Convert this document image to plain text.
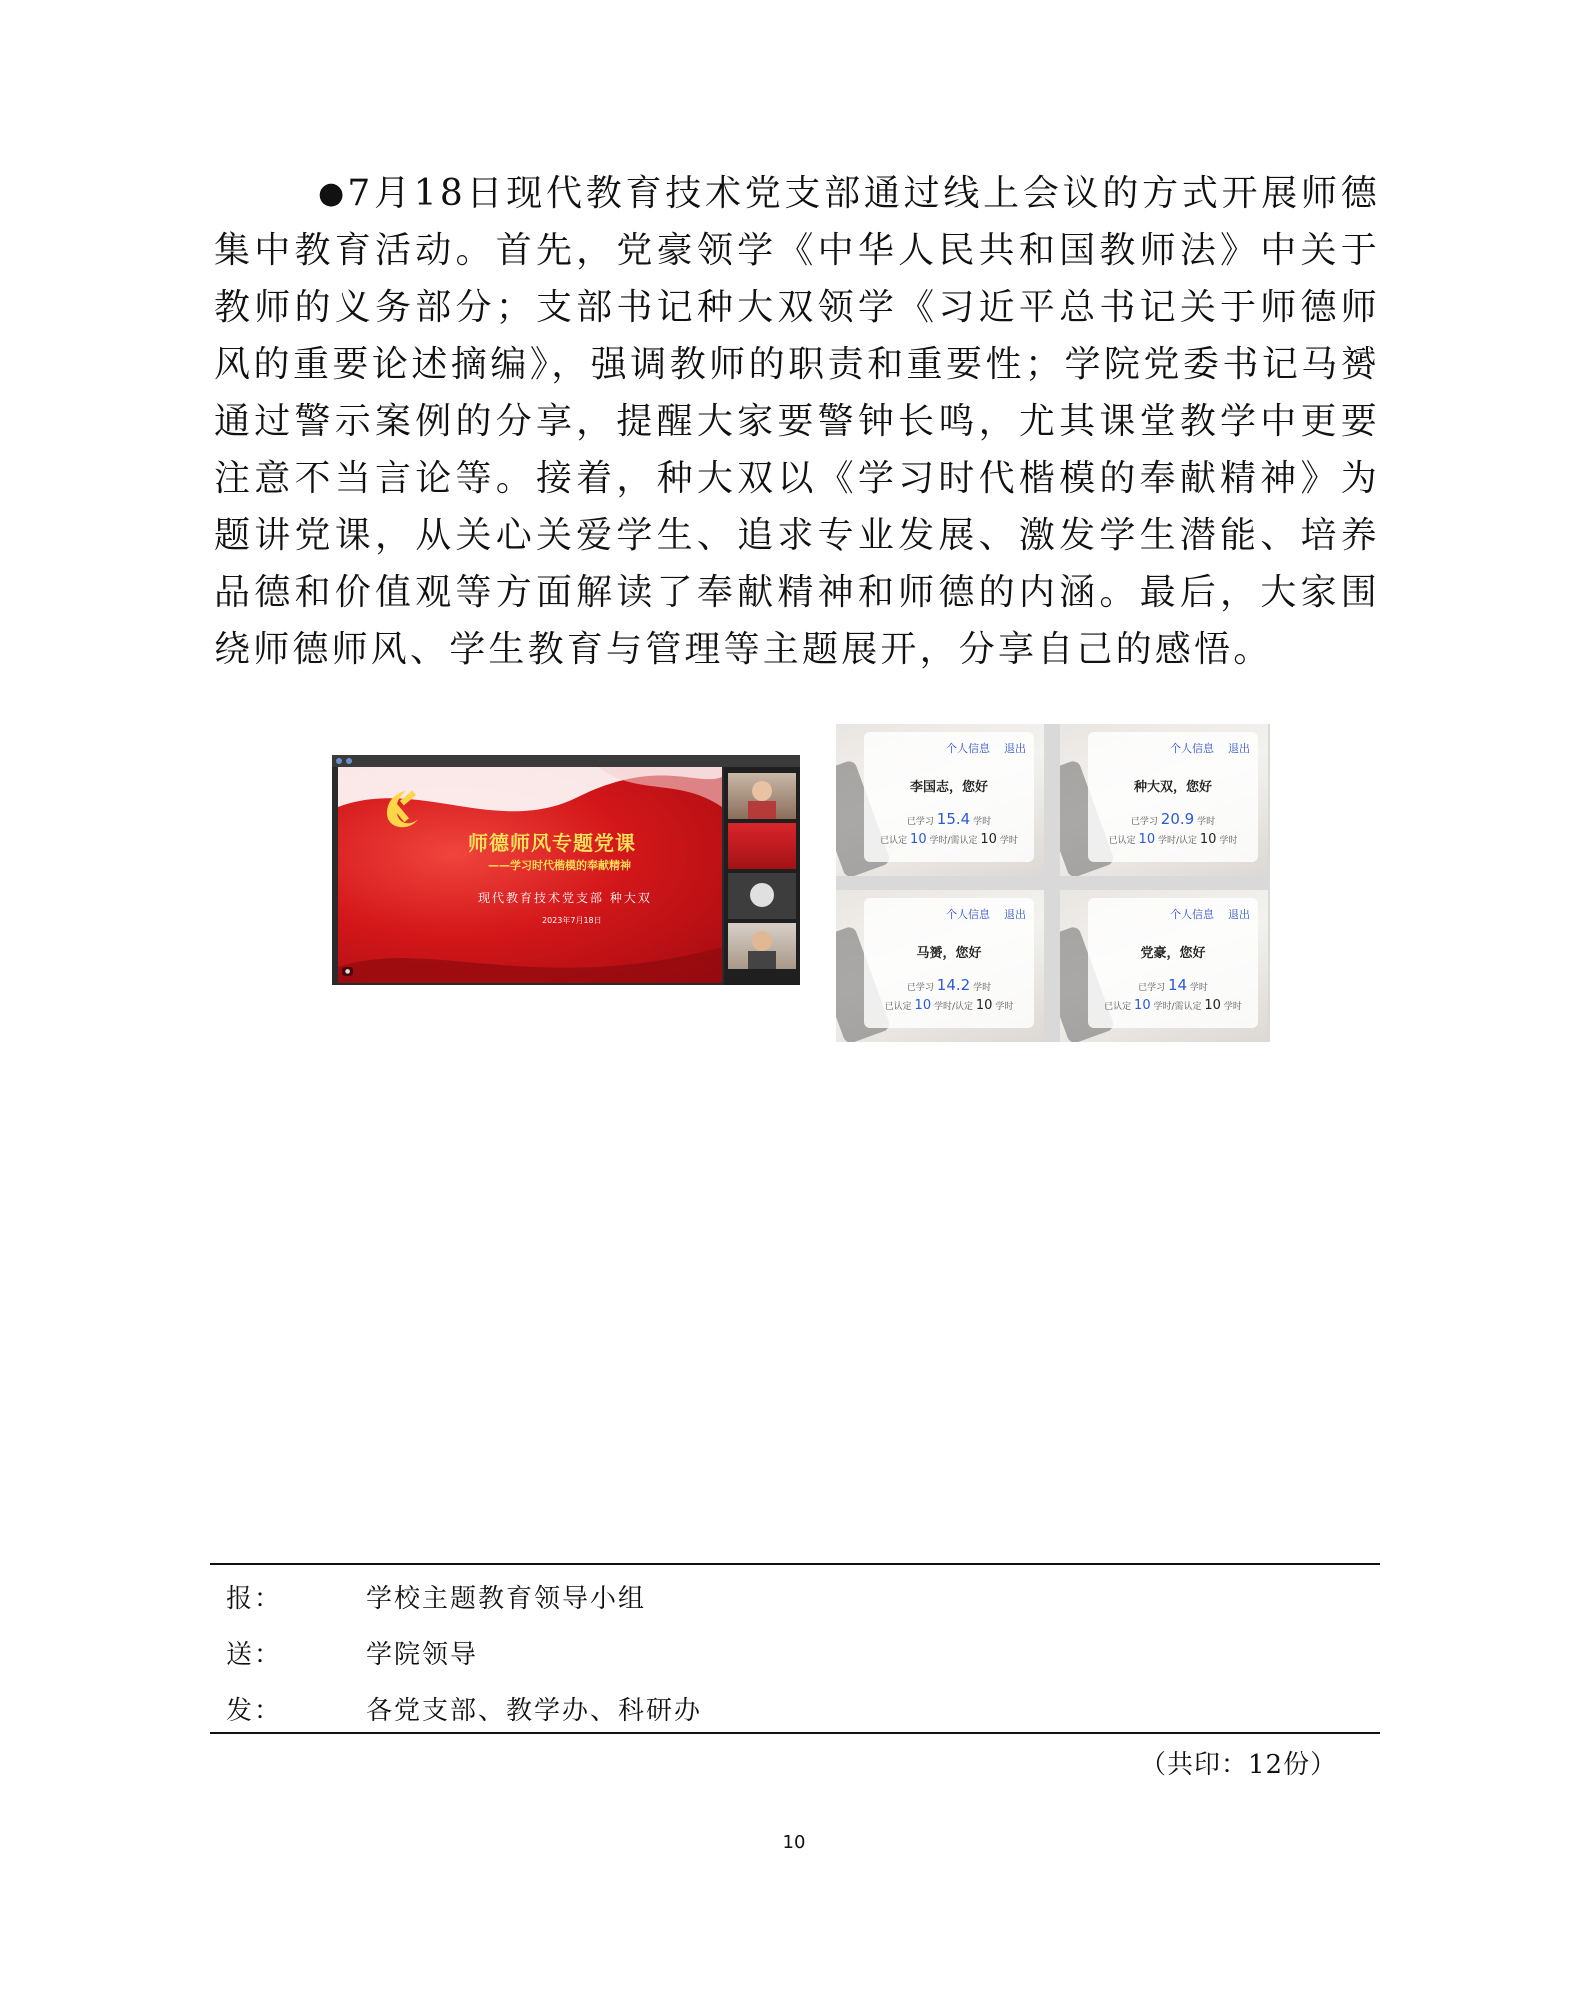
●7月18日现代教育技术党支部通过线上会议的方式开展师德集中教育活动。首先，党豪领学《中华人民共和国教师法》中关于教师的义务部分；支部书记种大双领学《习近平总书记关于师德师风的重要论述摘编》，强调教师的职责和重要性；学院党委书记马赟通过警示案例的分享，提醒大家要警钟长鸣，尤其课堂教学中更要注意不当言论等。接着，种大双以《学习时代楷模的奉献精神》为题讲党课，从关心关爱学生、追求专业发展、激发学生潜能、培养品德和价值观等方面解读了奉献精神和师德的内涵。最后，大家围绕师德师风、学生教育与管理等主题展开，分享自己的感悟。

师德师风专题党课
——学习时代楷模的奉献精神
现代教育技术党支部 种大双
2023年7月18日
●
个人信息 退出
李国志，您好
已学习 15.4 学时
已认定 10 学时/需认定 10 学时
个人信息 退出
种大双，您好
已学习 20.9 学时
已认定 10 学时/认定 10 学时
个人信息 退出
马赟，您好
已学习 14.2 学时
已认定 10 学时/认定 10 学时
个人信息 退出
党豪，您好
已学习 14 学时
已认定 10 学时/需认定 10 学时
报：	学校主题教育领导小组
送：	学院领导
发：	各党支部、教学办、科研办
（共印：12份）
10
